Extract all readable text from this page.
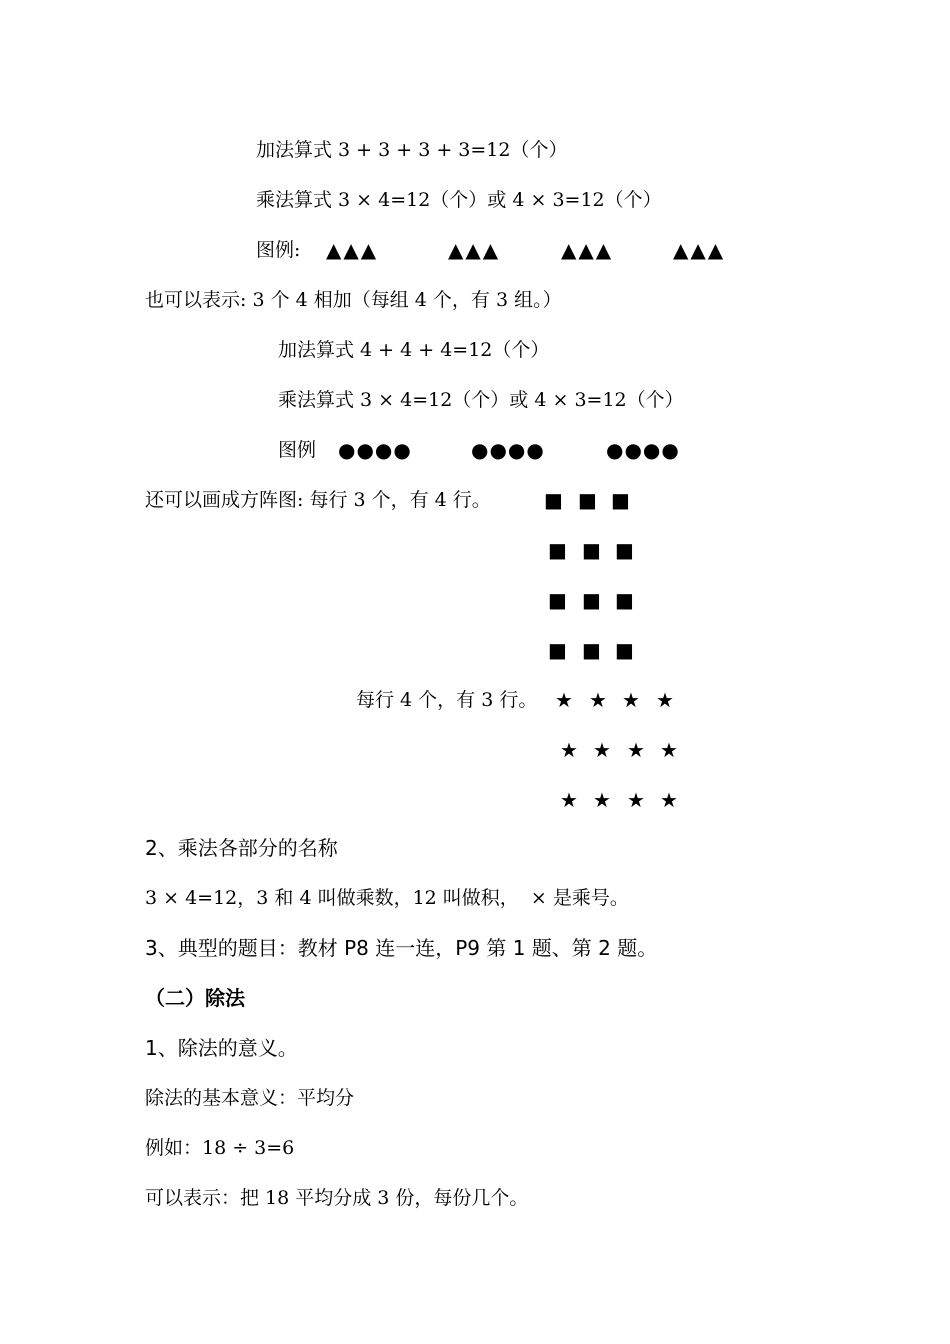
加法算式 3 + 3 + 3 + 3=12（个）
乘法算式 3 × 4=12（个）或 4 × 3=12（个）
图例: ▲▲▲	▲▲▲	▲▲▲	▲▲▲
也可以表示: 3 个 4 相加（每组 4 个，有 3 组。）
加法算式 4 + 4 + 4=12（个）
乘法算式 3 × 4=12（个）或 4 × 3=12（个）
图例 ●●●●	●●●●	●●●●
还可以画成方阵图: 每行 3 个，有 4 行。	■ ■ ■
■ ■ ■
■ ■ ■
■ ■ ■
每行 4 个，有 3 行。 ★ ★ ★ ★
★ ★ ★ ★
★ ★ ★ ★
2、乘法各部分的名称
3 × 4=12，3 和 4 叫做乘数，12 叫做积，  × 是乘号。
3、典型的题目：教材 P8 连一连，P9 第 1 题、第 2 题。
（二）除法
1、除法的意义。
除法的基本意义：平均分
例如：18 ÷ 3=6
可以表示：把 18 平均分成 3 份，每份几个。
